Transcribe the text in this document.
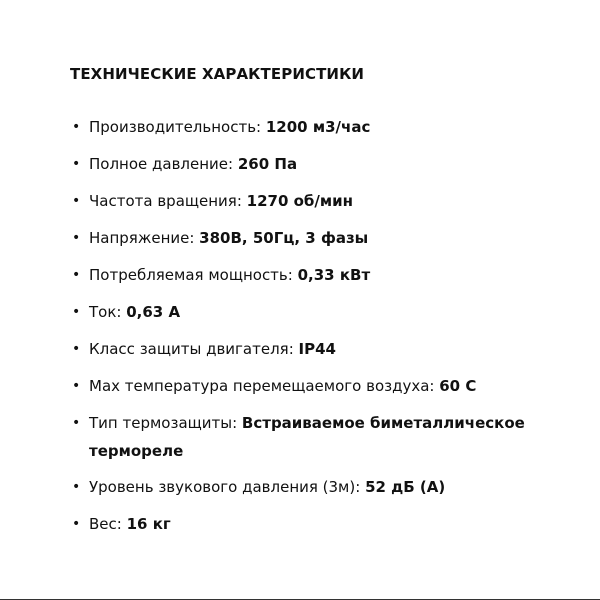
ТЕХНИЧЕСКИЕ ХАРАКТЕРИСТИКИ
• Производительность: 1200 м3/час
• Полное давление: 260 Па
• Частота вращения: 1270 об/мин
• Напряжение: 380В, 50Гц, 3 фазы
• Потребляемая мощность: 0,33 кВт
• Ток: 0,63 А
• Класс защиты двигателя: IP44
• Max температура перемещаемого воздуха: 60 С
• Тип термозащиты: Встраиваемое биметаллическое термореле
• Уровень звукового давления (3м): 52 дБ (А)
• Вес: 16 кг
